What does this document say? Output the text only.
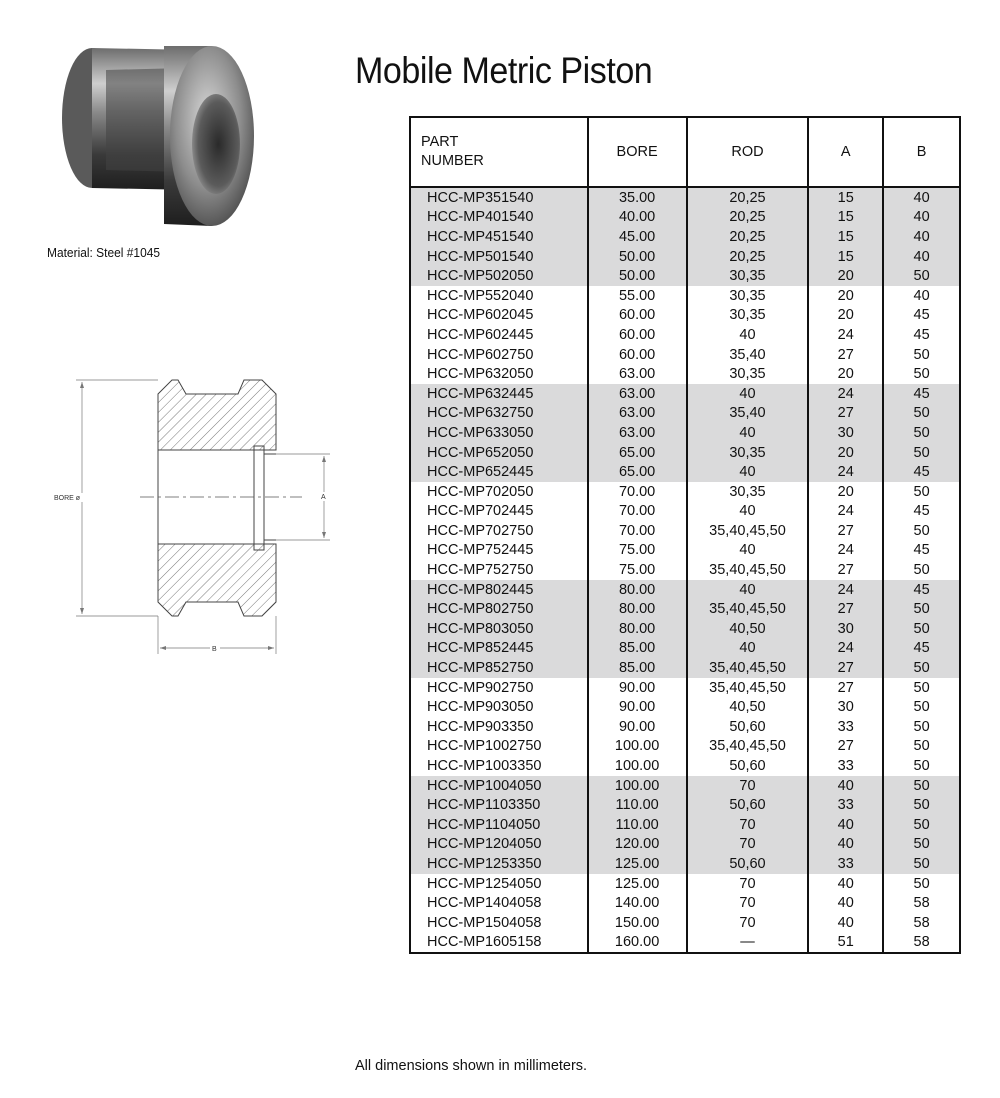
Mobile Metric Piston
Material: Steel #1045
BORE ø	A
B
PART
NUMBER	BORE	ROD	A	B
HCC-MP351540	35.00	20,25	15	40
HCC-MP401540	40.00	20,25	15	40
HCC-MP451540	45.00	20,25	15	40
HCC-MP501540	50.00	20,25	15	40
HCC-MP502050	50.00	30,35	20	50
HCC-MP552040	55.00	30,35	20	40
HCC-MP602045	60.00	30,35	20	45
HCC-MP602445	60.00	40	24	45
HCC-MP602750	60.00	35,40	27	50
HCC-MP632050	63.00	30,35	20	50
HCC-MP632445	63.00	40	24	45
HCC-MP632750	63.00	35,40	27	50
HCC-MP633050	63.00	40	30	50
HCC-MP652050	65.00	30,35	20	50
HCC-MP652445	65.00	40	24	45
HCC-MP702050	70.00	30,35	20	50
HCC-MP702445	70.00	40	24	45
HCC-MP702750	70.00	35,40,45,50	27	50
HCC-MP752445	75.00	40	24	45
HCC-MP752750	75.00	35,40,45,50	27	50
HCC-MP802445	80.00	40	24	45
HCC-MP802750	80.00	35,40,45,50	27	50
HCC-MP803050	80.00	40,50	30	50
HCC-MP852445	85.00	40	24	45
HCC-MP852750	85.00	35,40,45,50	27	50
HCC-MP902750	90.00	35,40,45,50	27	50
HCC-MP903050	90.00	40,50	30	50
HCC-MP903350	90.00	50,60	33	50
HCC-MP1002750	100.00	35,40,45,50	27	50
HCC-MP1003350	100.00	50,60	33	50
HCC-MP1004050	100.00	70	40	50
HCC-MP1103350	110.00	50,60	33	50
HCC-MP1104050	110.00	70	40	50
HCC-MP1204050	120.00	70	40	50
HCC-MP1253350	125.00	50,60	33	50
HCC-MP1254050	125.00	70	40	50
HCC-MP1404058	140.00	70	40	58
HCC-MP1504058	150.00	70	40	58
HCC-MP1605158	160.00	—	51	58
All dimensions shown in millimeters.
